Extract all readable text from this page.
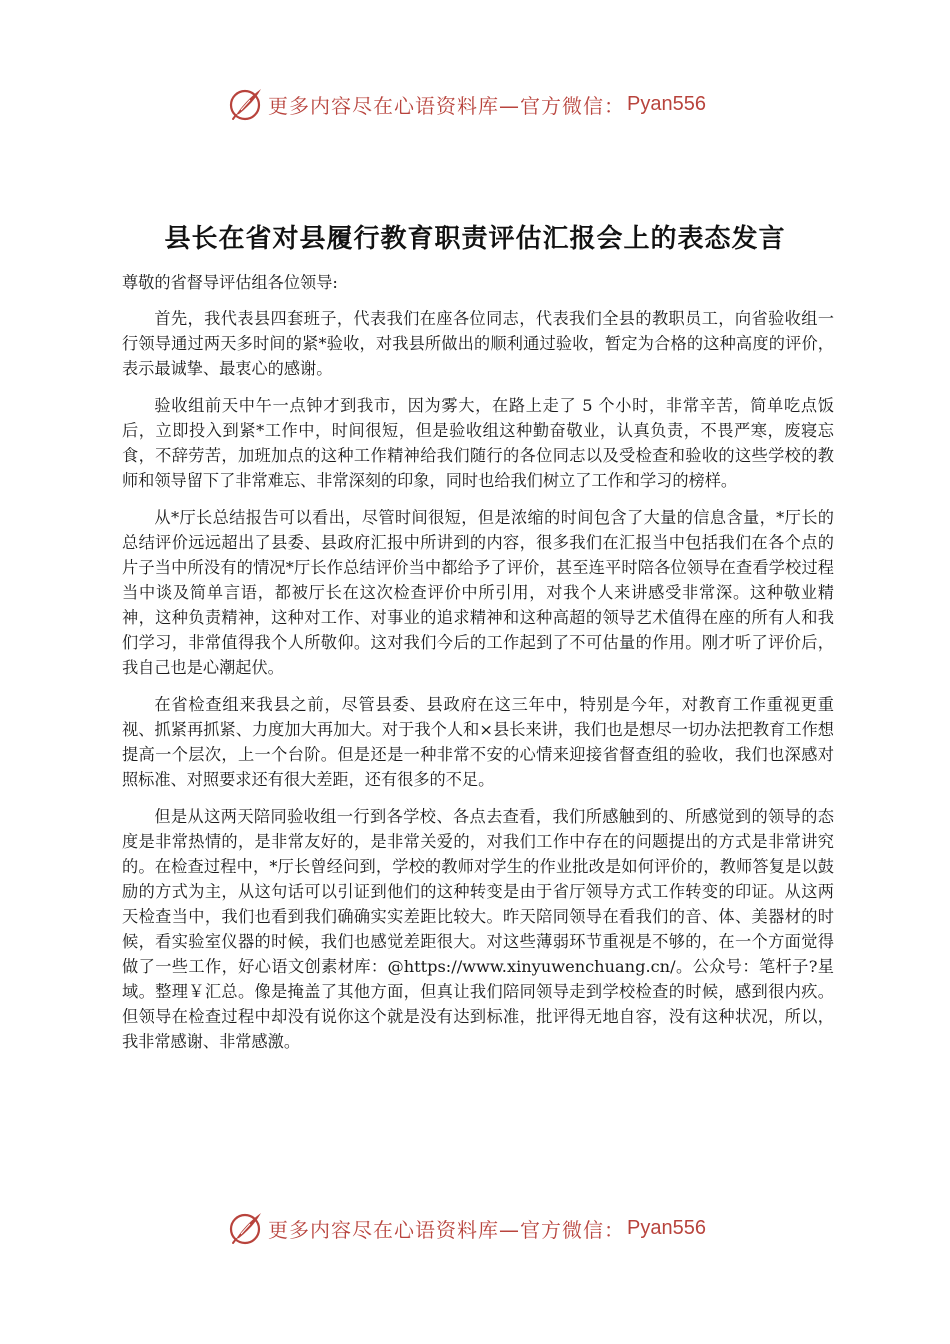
更多内容尽在心语资料库—官方微信： Pyan556
县长在省对县履行教育职责评估汇报会上的表态发言

尊敬的省督导评估组各位领导:

首先，我代表县四套班子，代表我们在座各位同志，代表我们全县的教职员工，向省验收组一行领导通过两天多时间的紧*验收，对我县所做出的顺利通过验收，暂定为合格的这种高度的评价，表示最诚挚、最衷心的感谢。

验收组前天中午一点钟才到我市，因为雾大，在路上走了 5 个小时，非常辛苦，简单吃点饭后，立即投入到紧*工作中，时间很短，但是验收组这种勤奋敬业，认真负责，不畏严寒，废寝忘食，不辞劳苦，加班加点的这种工作精神给我们随行的各位同志以及受检查和验收的这些学校的教师和领导留下了非常难忘、非常深刻的印象，同时也给我们树立了工作和学习的榜样。

从*厅长总结报告可以看出，尽管时间很短，但是浓缩的时间包含了大量的信息含量，*厅长的总结评价远远超出了县委、县政府汇报中所讲到的内容，很多我们在汇报当中包括我们在各个点的片子当中所没有的情况*厅长作总结评价当中都给予了评价，甚至连平时陪各位领导在查看学校过程当中谈及简单言语，都被厅长在这次检查评价中所引用，对我个人来讲感受非常深。这种敬业精神，这种负责精神，这种对工作、对事业的追求精神和这种高超的领导艺术值得在座的所有人和我们学习，非常值得我个人所敬仰。这对我们今后的工作起到了不可估量的作用。刚才听了评价后，我自己也是心潮起伏。

在省检查组来我县之前，尽管县委、县政府在这三年中，特别是今年，对教育工作重视更重视、抓紧再抓紧、力度加大再加大。对于我个人和×县长来讲，我们也是想尽一切办法把教育工作想提高一个层次，上一个台阶。但是还是一种非常不安的心情来迎接省督查组的验收，我们也深感对照标准、对照要求还有很大差距，还有很多的不足。

但是从这两天陪同验收组一行到各学校、各点去查看，我们所感触到的、所感觉到的领导的态度是非常热情的，是非常友好的，是非常关爱的，对我们工作中存在的问题提出的方式是非常讲究的。在检查过程中，*厅长曾经问到，学校的教师对学生的作业批改是如何评价的，教师答复是以鼓励的方式为主，从这句话可以引证到他们的这种转变是由于省厅领导方式工作转变的印证。从这两天检查当中，我们也看到我们确确实实差距比较大。昨天陪同领导在看我们的音、体、美器材的时候，看实验室仪器的时候，我们也感觉差距很大。对这些薄弱环节重视是不够的，在一个方面觉得做了一些工作，好心语文创素材库：@https://www.xinyuwenchuang.cn/。公众号：笔杆子?星域。整理￥汇总。像是掩盖了其他方面，但真让我们陪同领导走到学校检查的时候，感到很内疚。但领导在检查过程中却没有说你这个就是没有达到标准，批评得无地自容，没有这种状况，所以，我非常感谢、非常感激。

更多内容尽在心语资料库—官方微信： Pyan556
